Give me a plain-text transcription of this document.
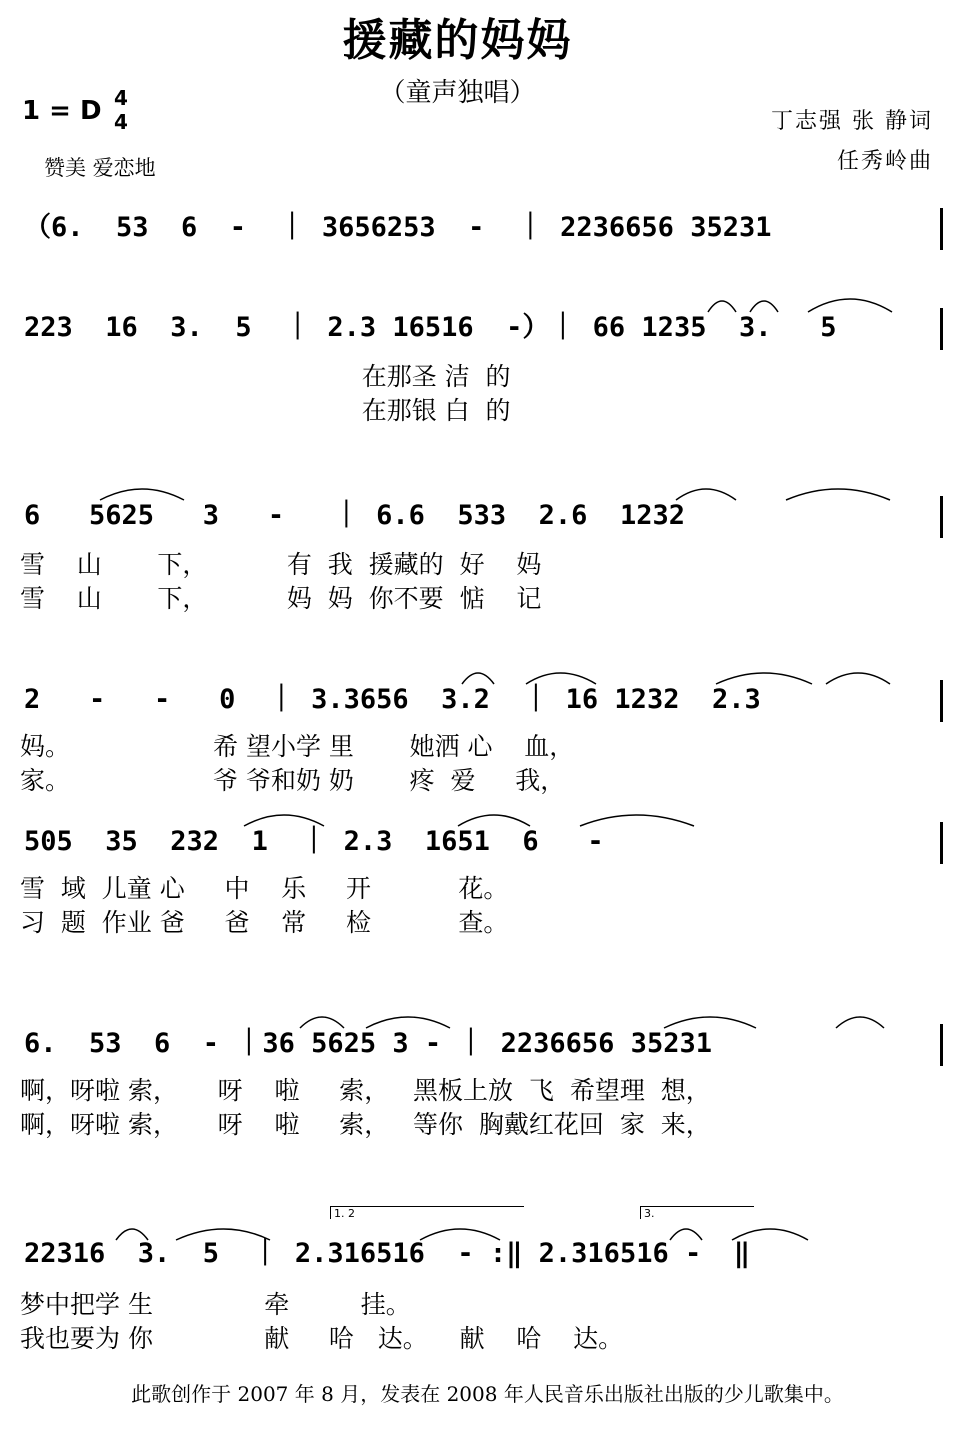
援藏的妈妈
（童声独唱）
1 = D 4
4
赞美 爱恋地
丁志强 张 静词
任秀岭曲
（6.  53  6  -  ｜ 3656253  -  ｜ 2236656 35231
223  16  3.  5  ｜ 2.3 16516  -）｜ 66 1235  3.   5
在那圣 洁  的
在那银 白  的
6   5625   3   -   ｜ 6.6  533  2.6  1232
雪    山       下，          有  我  援藏的  好    妈
雪    山       下，          妈  妈  你不要  惦    记
2   -   -   0  ｜ 3.3656  3.2  ｜ 16 1232  2.3
妈。                  希 望小学 里       她洒 心    血，
家。                  爷 爷和奶 奶       疼  爱     我，
505  35  232  1  ｜ 2.3  1651  6   -
雪  域  儿童 心     中    乐     开           花。
习  题  作业 爸     爸    常     检           查。
6.  53  6  - ｜36 5625 3 - ｜ 2236656 35231
啊，呀啦 索，     呀    啦     索，   黑板上放  飞  希望理  想，
啊，呀啦 索，     呀    啦     索，   等你  胸戴红花回  家  来，
1. 2	3.
22316  3.  5  ｜ 2.316516  - :‖ 2.316516 -  ‖
梦中把学 生              牵         挂。
我也要为 你              献     哈   达。    献    哈    达。
此歌创作于 2007 年 8 月，发表在 2008 年人民音乐出版社出版的少儿歌集中。
